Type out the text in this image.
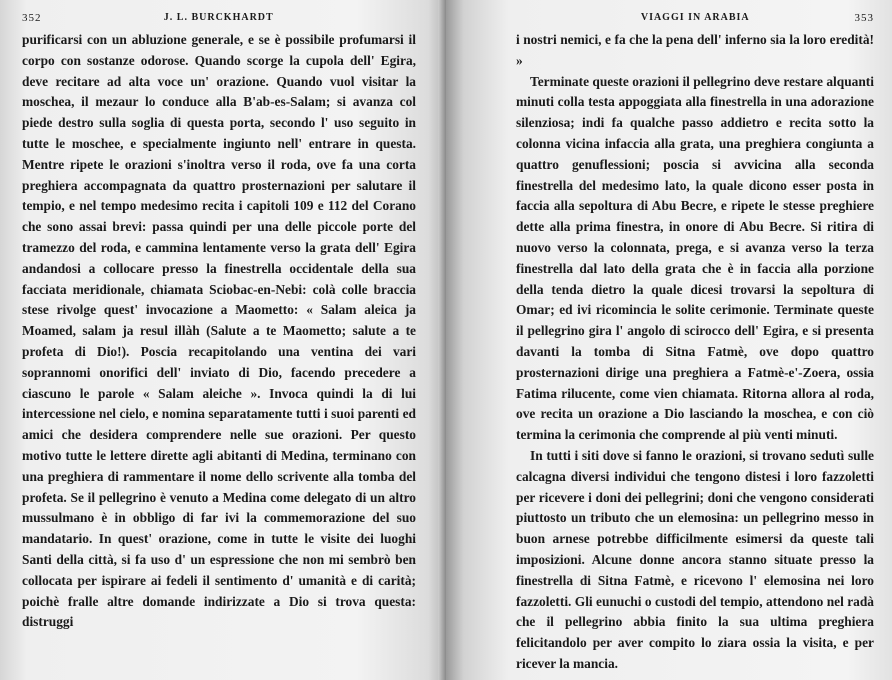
352	J. L. BURCKHARDT

purificarsi con un abluzione generale, e se è possibile profumarsi il corpo con sostanze odorose. Quando scorge la cupola dell' Egira, deve recitare ad alta voce un' orazione. Quando vuol visitar la moschea, il mezaur lo conduce alla B'ab-es-Salam; si avanza col piede destro sulla soglia di questa porta, secondo l' uso seguito in tutte le moschee, e specialmente ingiunto nell' entrare in questa. Mentre ripete le orazioni s'inoltra verso il roda, ove fa una corta preghiera accompagnata da quattro prosternazioni per salutare il tempio, e nel tempo medesimo recita i capitoli 109 e 112 del Corano che sono assai brevi: passa quindi per una delle piccole porte del tramezzo del roda, e cammina lentamente verso la grata dell' Egira andandosi a collocare presso la finestrella occidentale della sua facciata meridionale, chiamata Sciobac-en-Nebi: colà colle braccia stese rivolge quest' invocazione a Maometto: « Salam aleica ja Moamed, salam ja resul illàh (Salute a te Maometto; salute a te profeta di Dio!). Poscia recapitolando una ventina dei vari soprannomi onorifici dell' inviato di Dio, facendo precedere a ciascuno le parole « Salam aleiche ». Invoca quindi la di lui intercessione nel cielo, e nomina separatamente tutti i suoi parenti ed amici che desidera comprendere nelle sue orazioni. Per questo motivo tutte le lettere dirette agli abitanti di Medina, terminano con una preghiera di rammentare il nome dello scrivente alla tomba del profeta. Se il pellegrino è venuto a Medina come delegato di un altro mussulmano è in obbligo di far ivi la commemorazione del suo mandatario. In quest' orazione, come in tutte le visite dei luoghi Santi della città, si fa uso d' un espressione che non mi sembrò ben collocata per ispirare ai fedeli il sentimento d' umanità e di carità; poichè fralle altre domande indirizzate a Dio si trova questa: distruggi

VIAGGI IN ARABIA	353

i nostri nemici, e fa che la pena dell' inferno sia la loro eredità! »

Terminate queste orazioni il pellegrino deve restare alquanti minuti colla testa appoggiata alla finestrella in una adorazione silenziosa; indi fa qualche passo addietro e recita sotto la colonna vicina infaccia alla grata, una preghiera congiunta a quattro genuflessioni; poscia si avvicina alla seconda finestrella del medesimo lato, la quale dicono esser posta in faccia alla sepoltura di Abu Becre, e ripete le stesse preghiere dette alla prima finestra, in onore di Abu Becre. Si ritira di nuovo verso la colonnata, prega, e si avanza verso la terza finestrella dal lato della grata che è in faccia alla porzione della tenda dietro la quale dicesi trovarsi la sepoltura di Omar; ed ivi ricomincia le solite cerimonie. Terminate queste il pellegrino gira l' angolo di scirocco dell' Egira, e si presenta davanti la tomba di Sitna Fatmè, ove dopo quattro prosternazioni dirige una preghiera a Fatmè-e'-Zoera, ossia Fatima rilucente, come vien chiamata. Ritorna allora al roda, ove recita un orazione a Dio lasciando la moschea, e con ciò termina la cerimonia che comprende al più venti minuti.

In tutti i siti dove si fanno le orazioni, si trovano sedutì sulle calcagna diversi individui che tengono distesi i loro fazzoletti per ricevere i doni dei pellegrini; doni che vengono considerati piuttosto un tributo che un elemosina: un pellegrino messo in buon arnese potrebbe difficilmente esimersi da queste tali imposizioni. Alcune donne ancora stanno situate presso la finestrella di Sitna Fatmè, e ricevono l' elemosina nei loro fazzoletti. Gli eunuchi o custodi del tempio, attendono nel radà che il pellegrino abbia finito la sua ultima preghiera felicitandolo per aver compito lo ziara ossia la visita, e per ricever la mancia.
